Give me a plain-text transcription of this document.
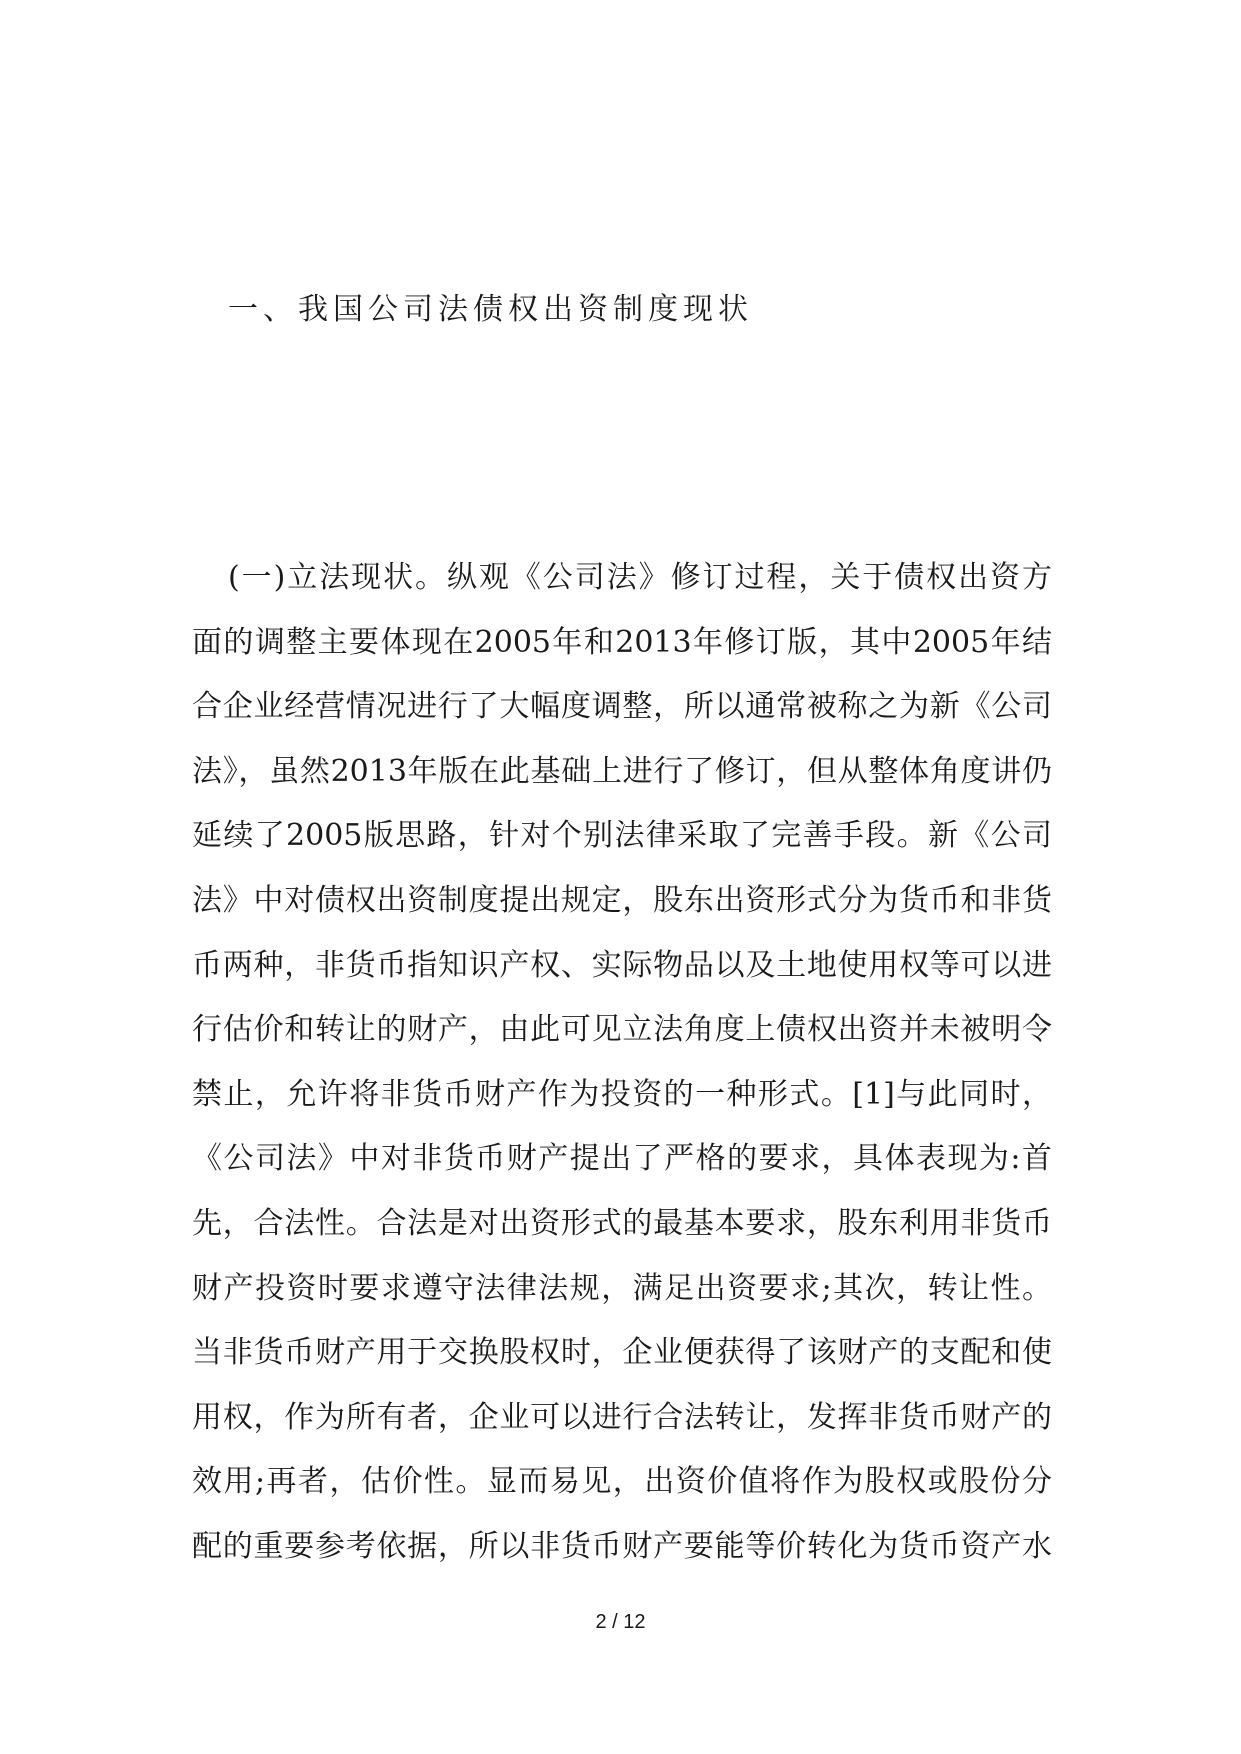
一、我国公司法债权出资制度现状
(一)立法现状。纵观《公司法》修订过程，关于债权出资方
面的调整主要体现在2005年和2013年修订版，其中2005年结
合企业经营情况进行了大幅度调整，所以通常被称之为新《公司
法》，虽然2013年版在此基础上进行了修订，但从整体角度讲仍
延续了2005版思路，针对个别法律采取了完善手段。新《公司
法》中对债权出资制度提出规定，股东出资形式分为货币和非货
币两种，非货币指知识产权、实际物品以及土地使用权等可以进
行估价和转让的财产，由此可见立法角度上债权出资并未被明令
禁止，允许将非货币财产作为投资的一种形式。[1]与此同时，
《公司法》中对非货币财产提出了严格的要求，具体表现为:首
先，合法性。合法是对出资形式的最基本要求，股东利用非货币
财产投资时要求遵守法律法规，满足出资要求;其次，转让性。
当非货币财产用于交换股权时，企业便获得了该财产的支配和使
用权，作为所有者，企业可以进行合法转让，发挥非货币财产的
效用;再者，估价性。显而易见，出资价值将作为股权或股份分
配的重要参考依据，所以非货币财产要能等价转化为货币资产水
2 / 12
